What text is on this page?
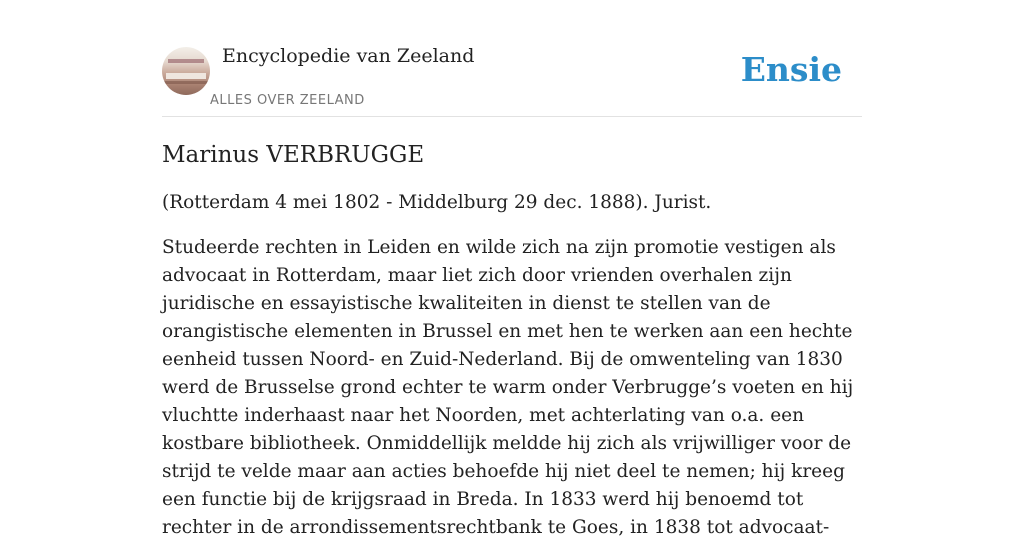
Encyclopedie van Zeeland
ALLES OVER ZEELAND
Ensie
Marinus VERBRUGGE

(Rotterdam 4 mei 1802 - Middelburg 29 dec. 1888). Jurist.

Studeerde rechten in Leiden en wilde zich na zijn promotie vestigen als advocaat in Rotterdam, maar liet zich door vrienden overhalen zijn juridische en essayistische kwaliteiten in dienst te stellen van de orangistische elementen in Brussel en met hen te werken aan een hechte eenheid tussen Noord- en Zuid-Nederland. Bij de omwenteling van 1830 werd de Brusselse grond echter te warm onder Verbrugge’s voeten en hij vluchtte inderhaast naar het Noorden, met achterlating van o.a. een kostbare bibliotheek. Onmiddellijk meldde hij zich als vrijwilliger voor de strijd te velde maar aan acties behoefde hij niet deel te nemen; hij kreeg een functie bij de krijgsraad in Breda. In 1833 werd hij benoemd tot rechter in de arrondissementsrechtbank te Goes, in 1838 tot advocaat-
